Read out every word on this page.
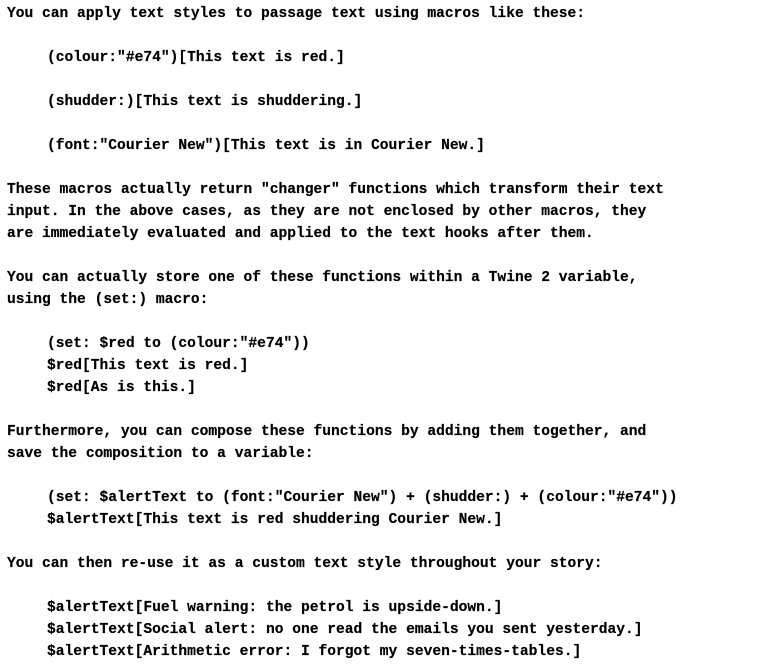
You can apply text styles to passage text using macros like these:
(colour:"#e74")[This text is red.]
(shudder:)[This text is shuddering.]
(font:"Courier New")[This text is in Courier New.]
These macros actually return "changer" functions which transform their text
input. In the above cases, as they are not enclosed by other macros, they
are immediately evaluated and applied to the text hooks after them.
You can actually store one of these functions within a Twine 2 variable,
using the (set:) macro:
(set: $red to (colour:"#e74"))
$red[This text is red.]
$red[As is this.]
Furthermore, you can compose these functions by adding them together, and
save the composition to a variable:
(set: $alertText to (font:"Courier New") + (shudder:) + (colour:"#e74"))
$alertText[This text is red shuddering Courier New.]
You can then re-use it as a custom text style throughout your story:
$alertText[Fuel warning: the petrol is upside-down.]
$alertText[Social alert: no one read the emails you sent yesterday.]
$alertText[Arithmetic error: I forgot my seven-times-tables.]
